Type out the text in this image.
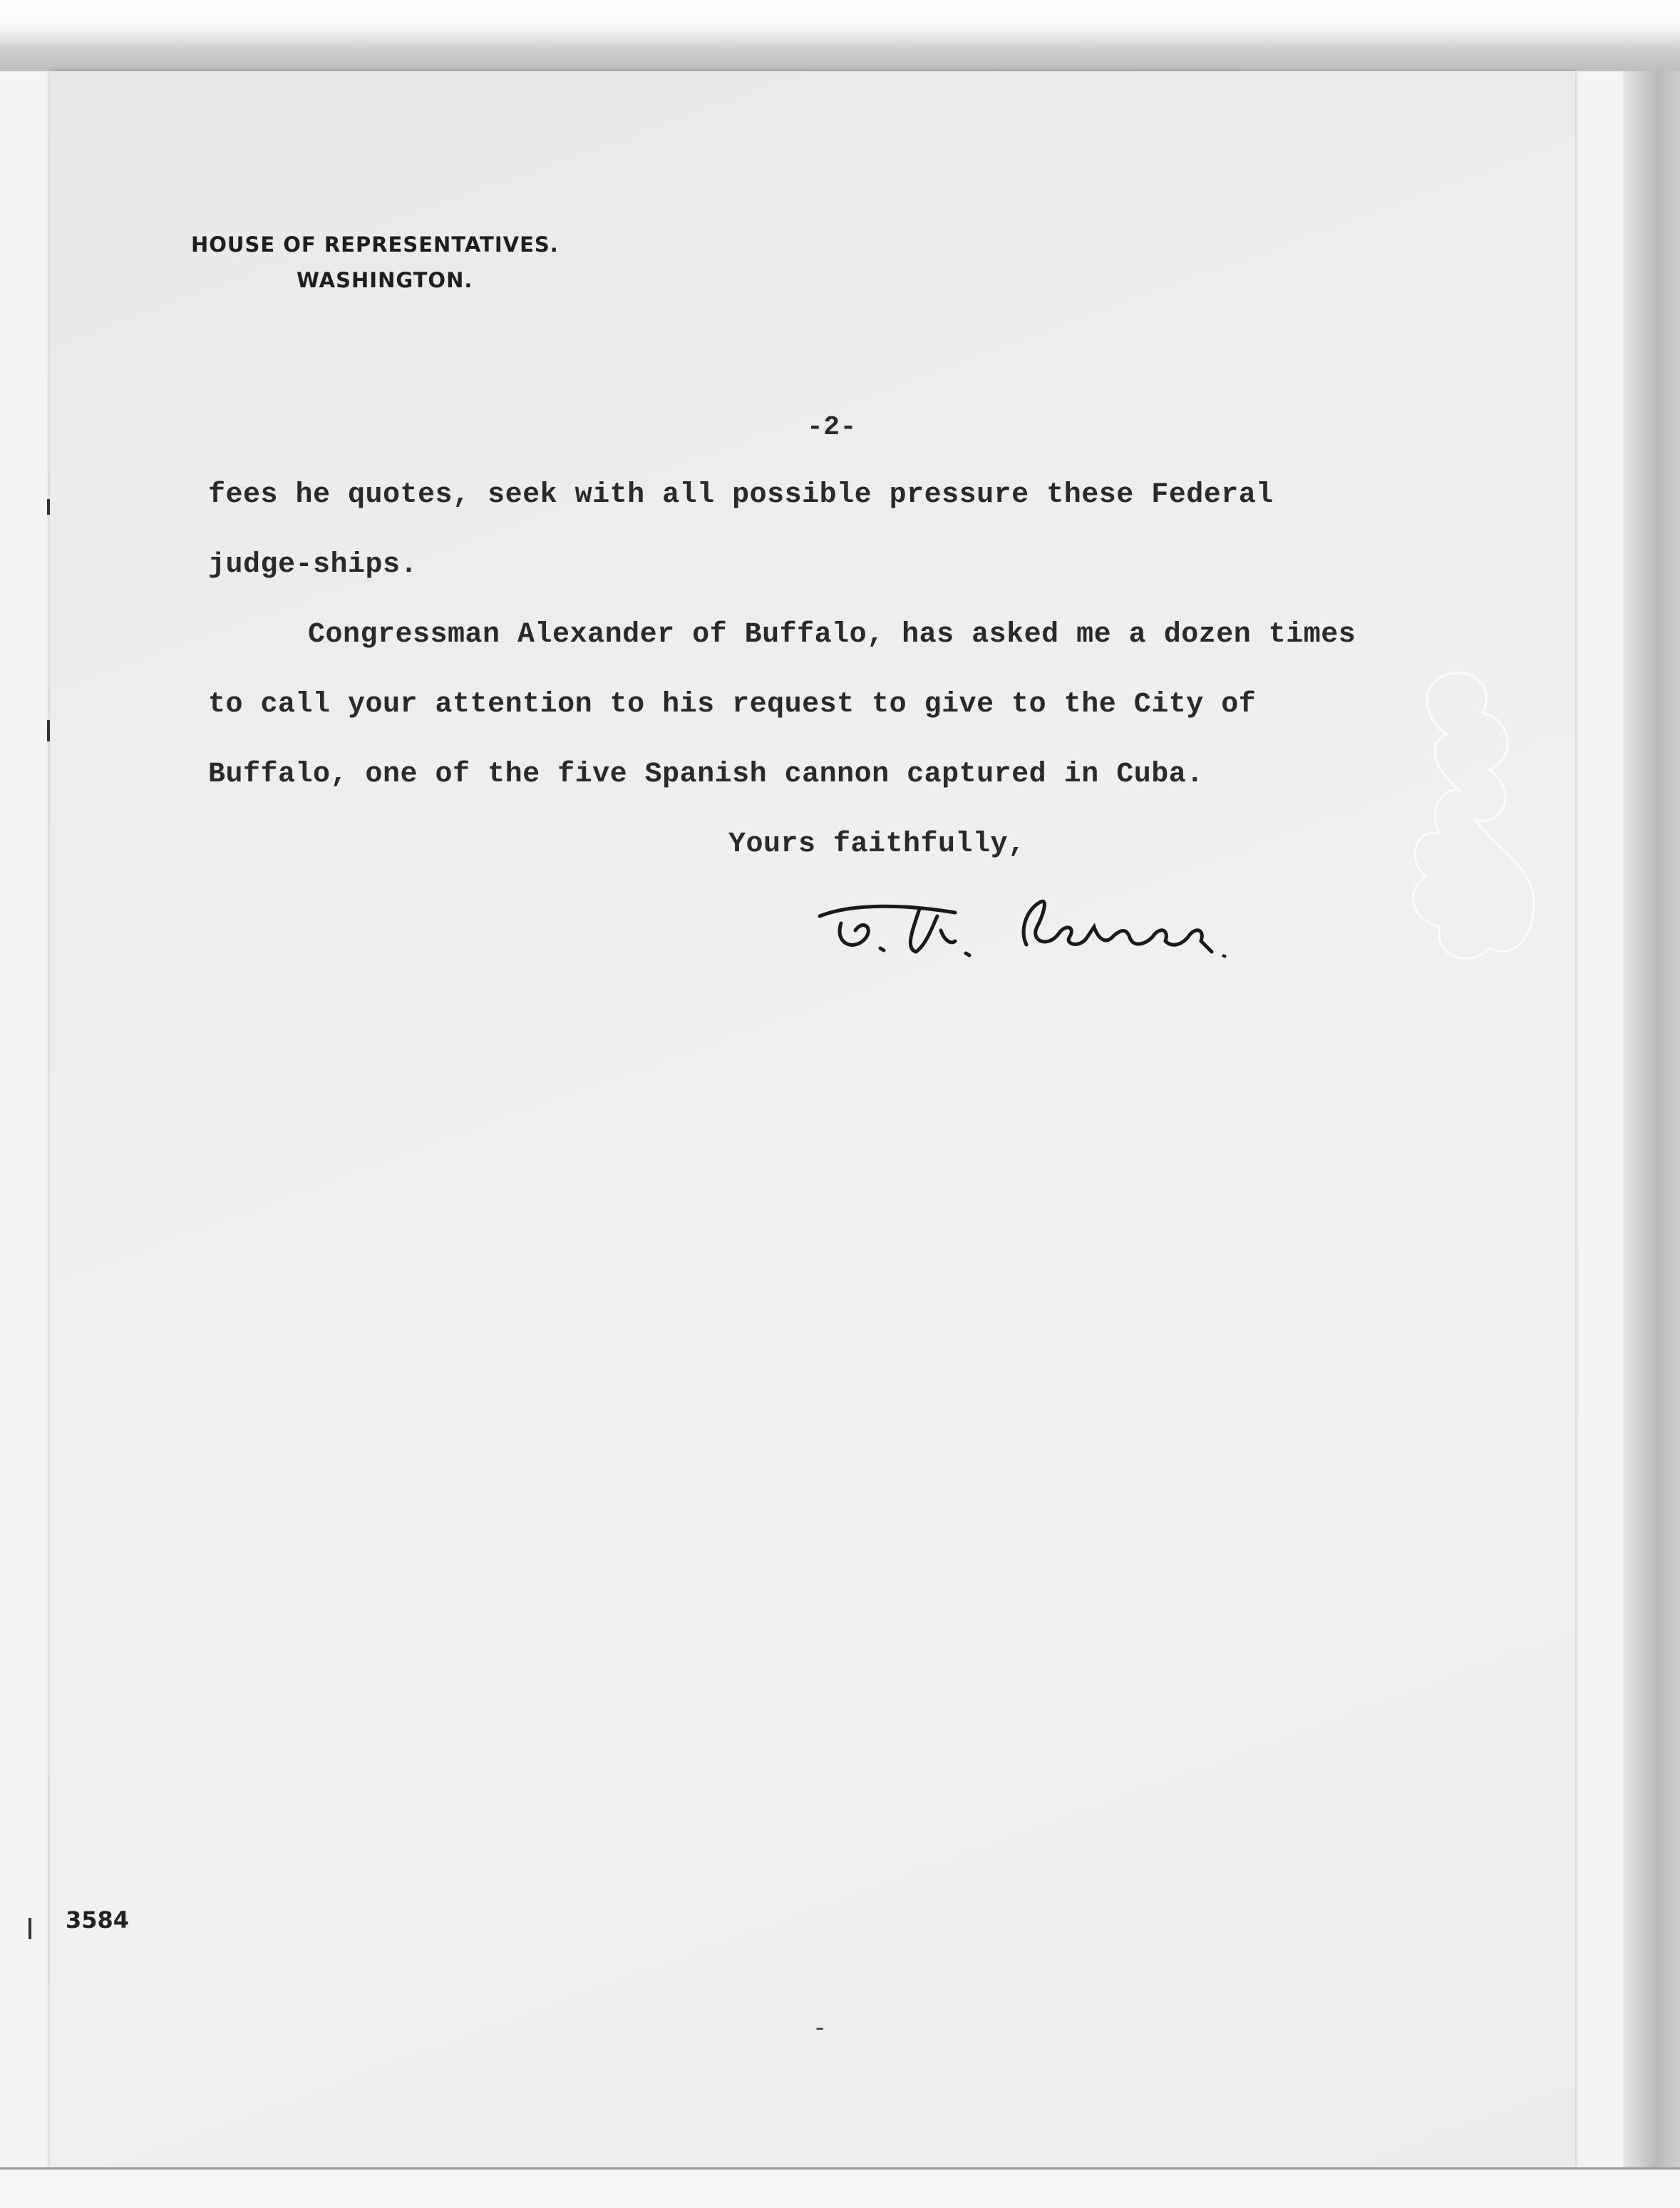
HOUSE OF REPRESENTATIVES.
WASHINGTON.
-2-
fees he quotes, seek with all possible pressure these Federal
judge-ships.
Congressman Alexander of Buffalo, has asked me a dozen times
to call your attention to his request to give to the City of
Buffalo, one of the five Spanish cannon captured in Cuba.
Yours faithfully,
3584
-
